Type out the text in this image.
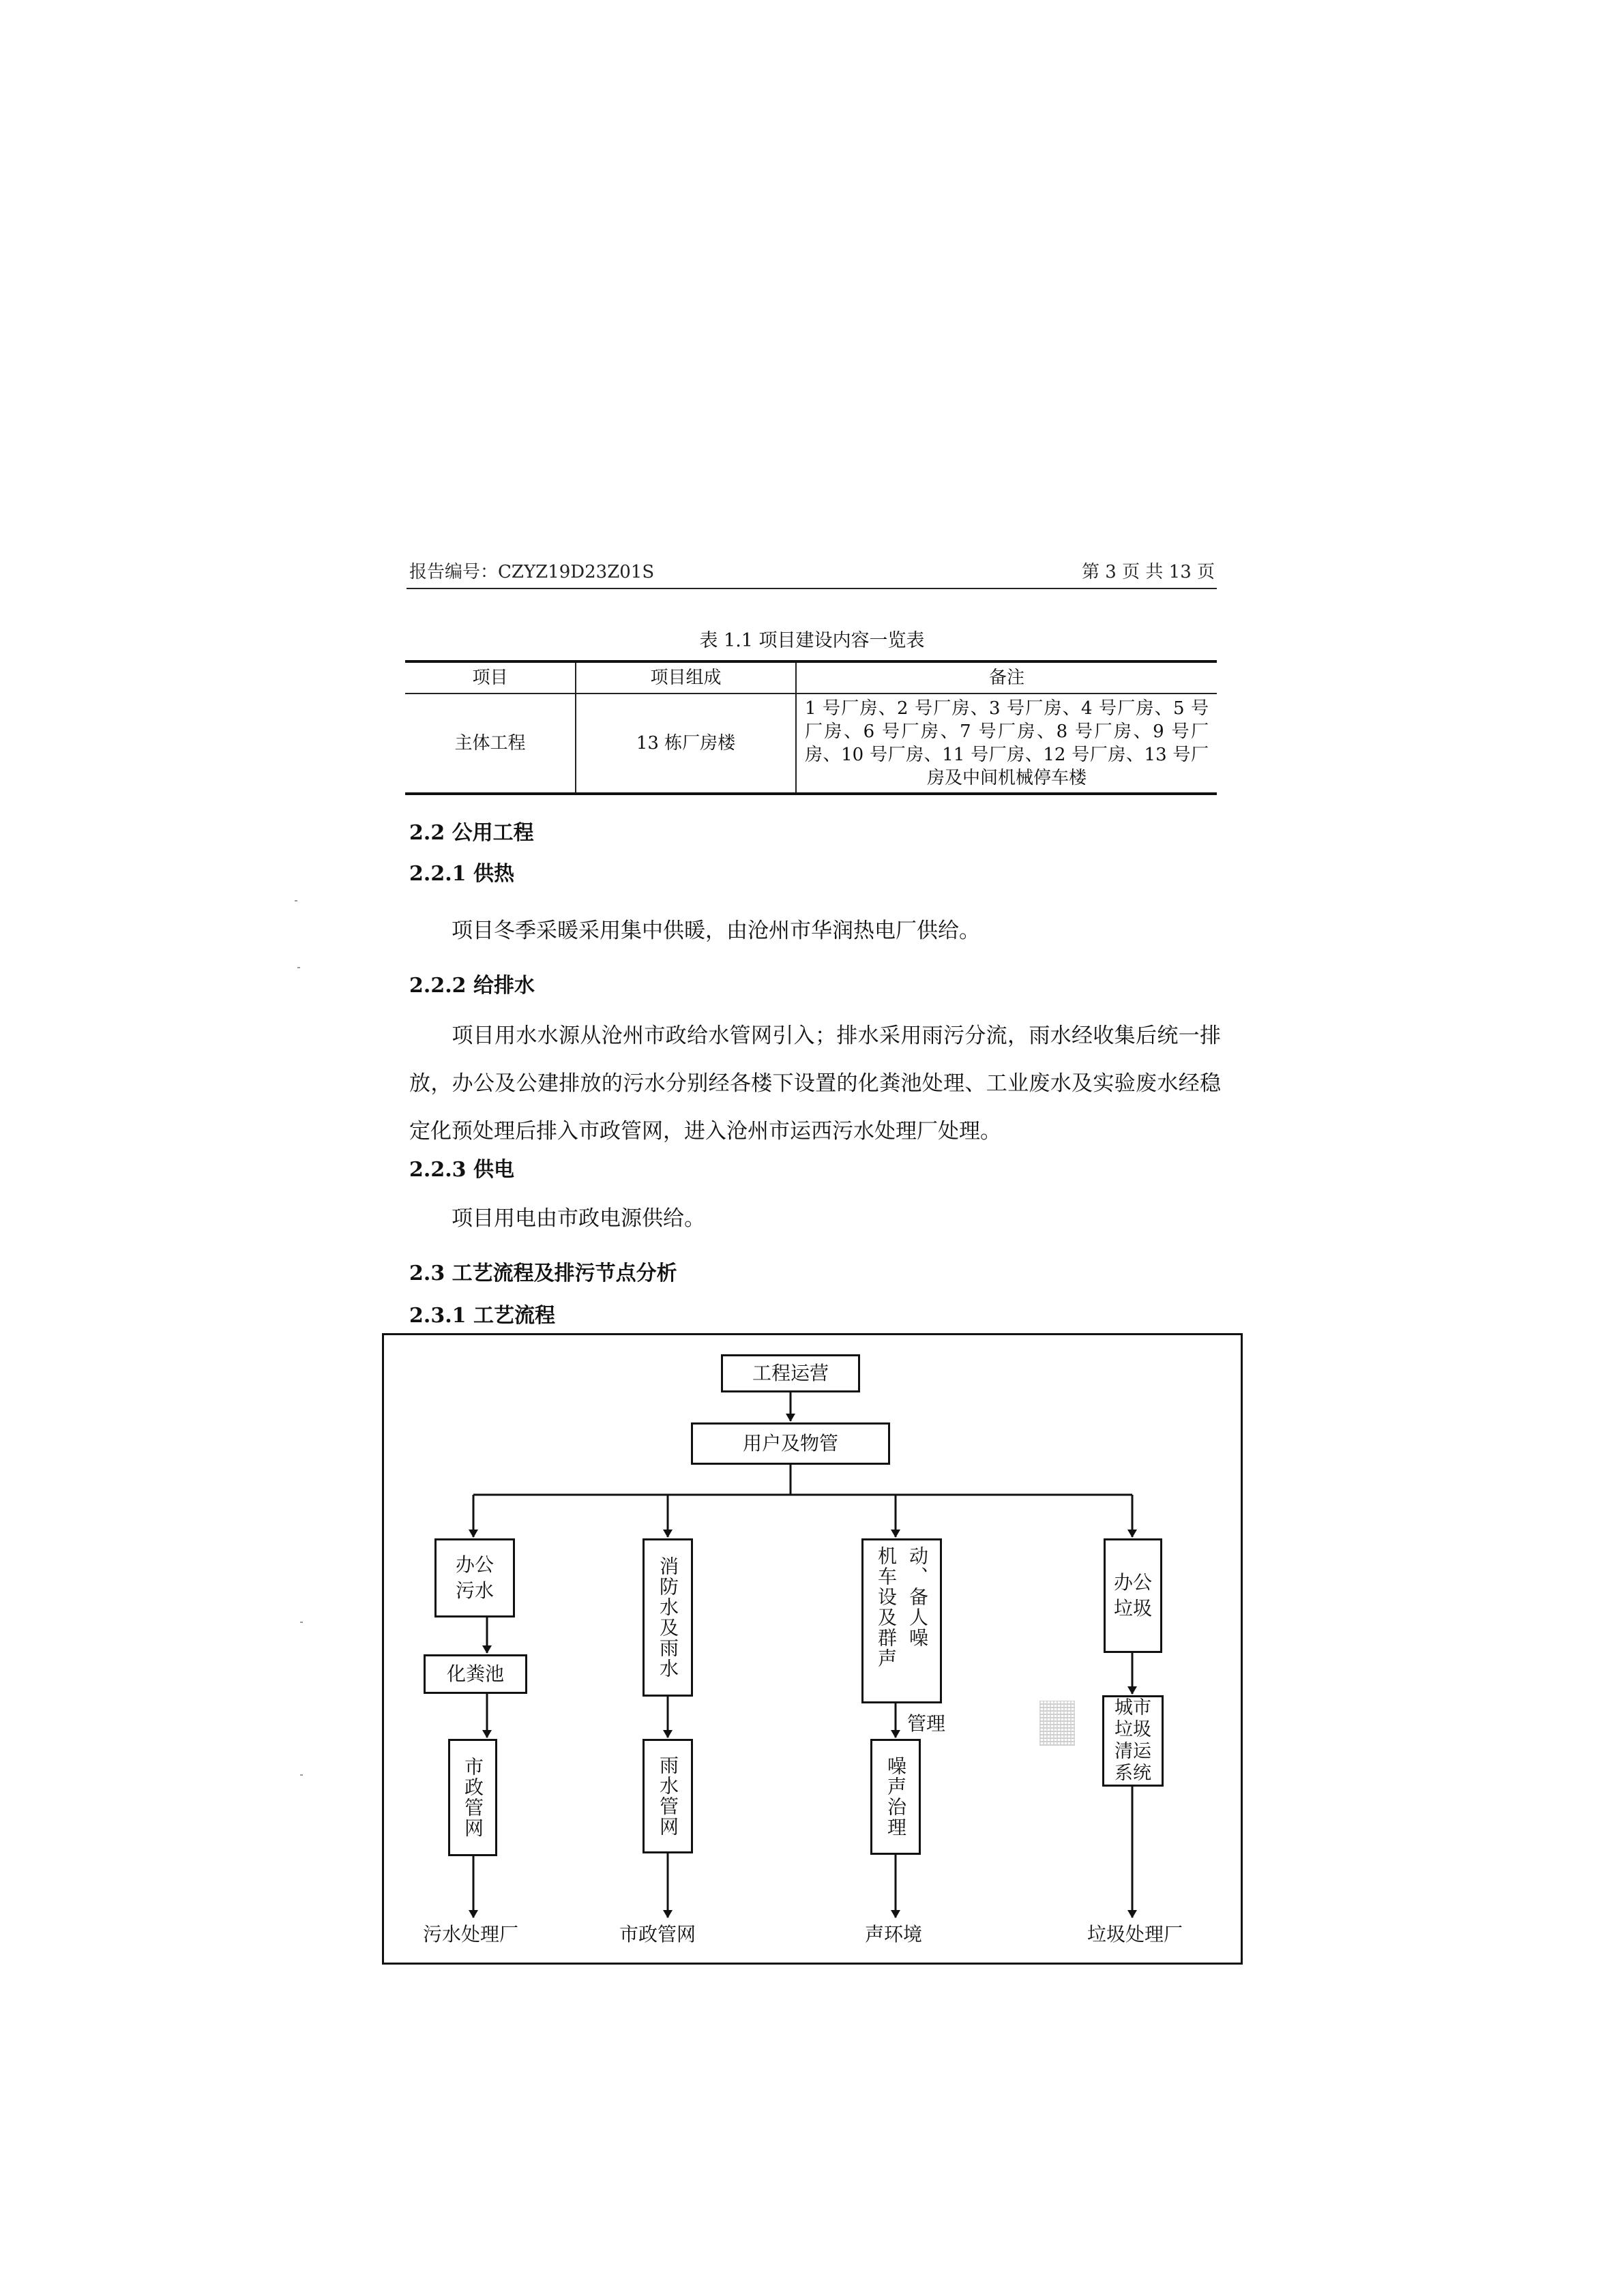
报告编号：CZYZ19D23Z01S	第 3 页 共 13 页
表 1.1 项目建设内容一览表
项目	项目组成	备注
主体工程	13 栋厂房楼	1 号厂房、2 号厂房、3 号厂房、4 号厂房、5 号厂房、6 号厂房、7 号厂房、8 号厂房、9 号厂房、10 号厂房、11 号厂房、12 号厂房、13 号厂房及中间机械停车楼
2.2 公用工程
2.2.1 供热
项目冬季采暖采用集中供暖，由沧州市华润热电厂供给。
2.2.2 给排水
项目用水水源从沧州市政给水管网引入；排水采用雨污分流，雨水经收集后统一排放，办公及公建排放的污水分别经各楼下设置的化粪池处理、工业废水及实验废水经稳定化预处理后排入市政管网，进入沧州市运西污水处理厂处理。
2.2.3 供电
项目用电由市政电源供给。
2.3 工艺流程及排污节点分析
2.3.1 工艺流程
工程运营
用户及物管
办公
污水
化粪池
市政管网
污水处理厂
消防水及雨水
雨水管网
市政管网
机车设及群声 动、备人噪
管理
噪声治理
声环境
办公
垃圾
城市
垃圾
清运
系统
垃圾处理厂
